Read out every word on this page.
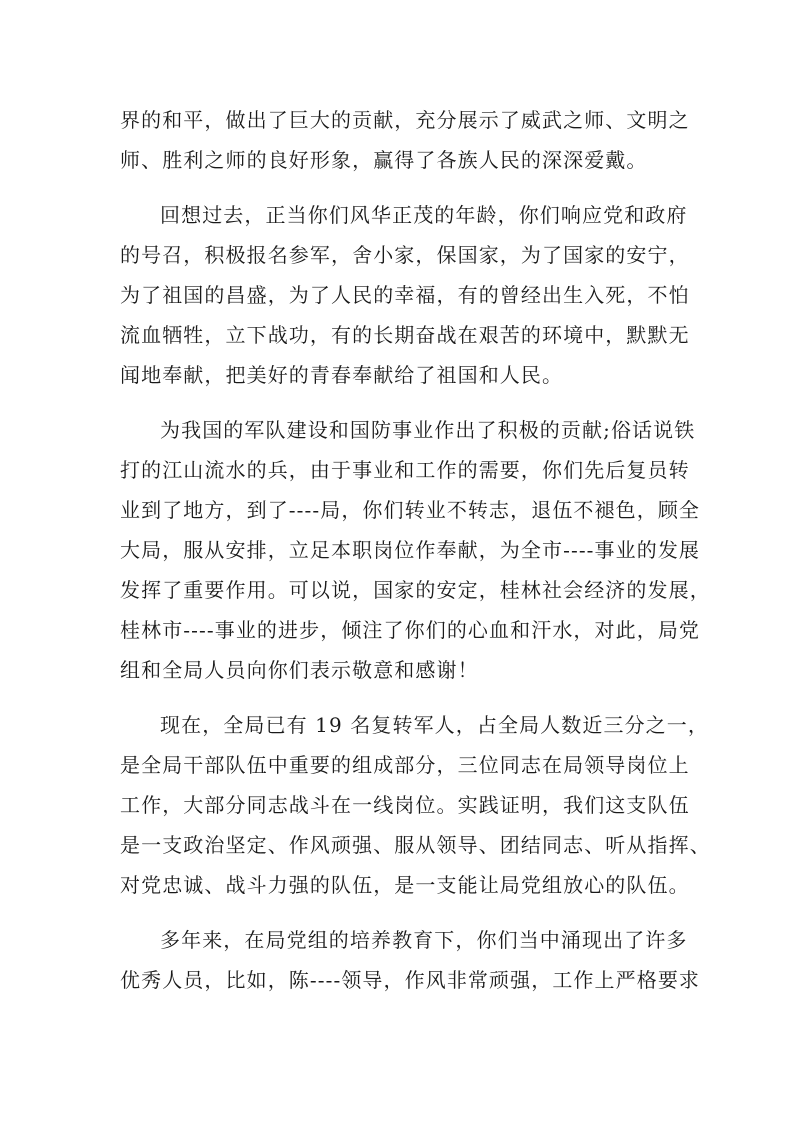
界的和平，做出了巨大的贡献，充分展示了威武之师、文明之
师、胜利之师的良好形象，赢得了各族人民的深深爱戴。
回想过去，正当你们风华正茂的年龄，你们响应党和政府
的号召，积极报名参军，舍小家，保国家，为了国家的安宁，
为了祖国的昌盛，为了人民的幸福，有的曾经出生入死，不怕
流血牺牲，立下战功，有的长期奋战在艰苦的环境中，默默无
闻地奉献，把美好的青春奉献给了祖国和人民。
为我国的军队建设和国防事业作出了积极的贡献;俗话说铁
打的江山流水的兵，由于事业和工作的需要，你们先后复员转
业到了地方，到了----局，你们转业不转志，退伍不褪色，顾全
大局，服从安排，立足本职岗位作奉献，为全市----事业的发展
发挥了重要作用。可以说，国家的安定，桂林社会经济的发展，
桂林市----事业的进步，倾注了你们的心血和汗水，对此，局党
组和全局人员向你们表示敬意和感谢！
现在，全局已有 19 名复转军人，占全局人数近三分之一，
是全局干部队伍中重要的组成部分，三位同志在局领导岗位上
工作，大部分同志战斗在一线岗位。实践证明，我们这支队伍
是一支政治坚定、作风顽强、服从领导、团结同志、听从指挥、
对党忠诚、战斗力强的队伍，是一支能让局党组放心的队伍。
多年来，在局党组的培养教育下，你们当中涌现出了许多
优秀人员，比如，陈----领导，作风非常顽强，工作上严格要求
